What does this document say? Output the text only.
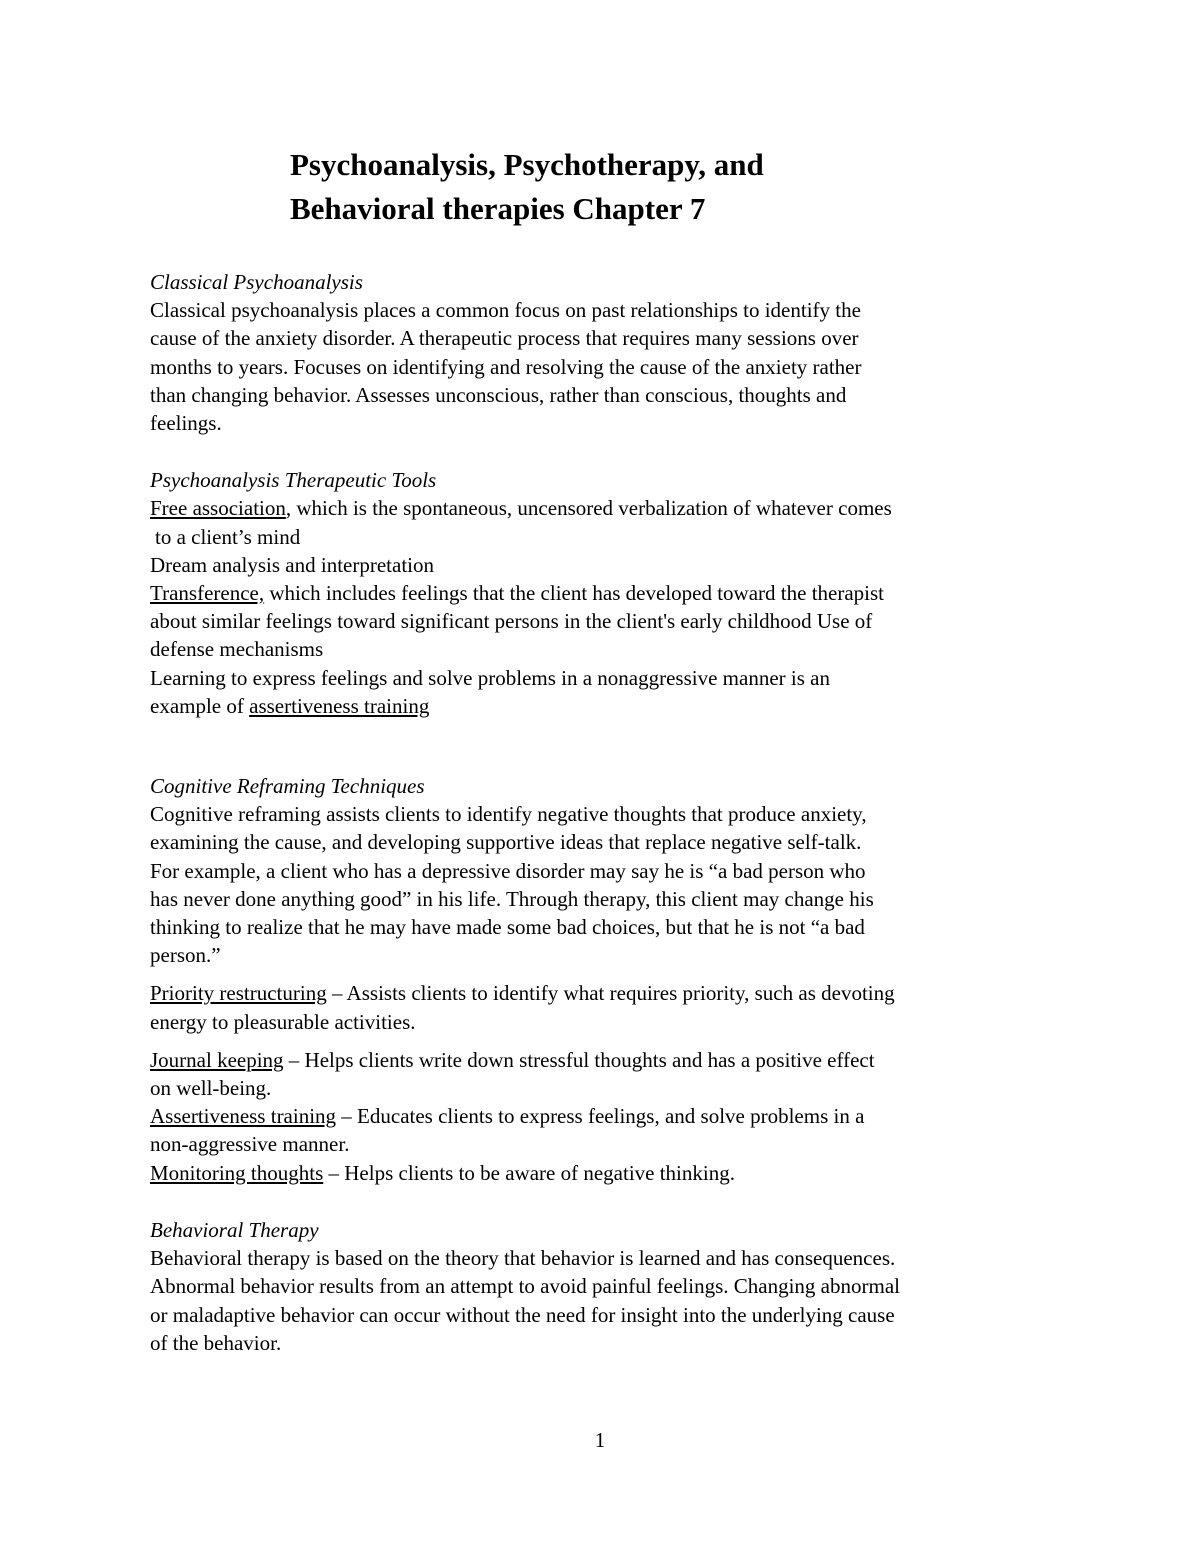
Psychoanalysis, Psychotherapy, and
Behavioral therapies Chapter 7
Classical Psychoanalysis

Classical psychoanalysis places a common focus on past relationships to identify the

cause of the anxiety disorder. A therapeutic process that requires many sessions over

months to years. Focuses on identifying and resolving the cause of the anxiety rather

than changing behavior. Assesses unconscious, rather than conscious, thoughts and

feelings.

Psychoanalysis Therapeutic Tools

Free association, which is the spontaneous, uncensored verbalization of whatever comes

to a client’s mind

Dream analysis and interpretation

Transference, which includes feelings that the client has developed toward the therapist

about similar feelings toward significant persons in the client's early childhood Use of

defense mechanisms

Learning to express feelings and solve problems in a nonaggressive manner is an

example of assertiveness training

Cognitive Reframing Techniques

Cognitive reframing assists clients to identify negative thoughts that produce anxiety,

examining the cause, and developing supportive ideas that replace negative self-talk.

For example, a client who has a depressive disorder may say he is “a bad person who

has never done anything good” in his life. Through therapy, this client may change his

thinking to realize that he may have made some bad choices, but that he is not “a bad

person.”

Priority restructuring – Assists clients to identify what requires priority, such as devoting

energy to pleasurable activities.

Journal keeping – Helps clients write down stressful thoughts and has a positive effect

on well-being.

Assertiveness training – Educates clients to express feelings, and solve problems in a

non-aggressive manner.

Monitoring thoughts – Helps clients to be aware of negative thinking.

Behavioral Therapy

Behavioral therapy is based on the theory that behavior is learned and has consequences.

Abnormal behavior results from an attempt to avoid painful feelings. Changing abnormal

or maladaptive behavior can occur without the need for insight into the underlying cause

of the behavior.

1
